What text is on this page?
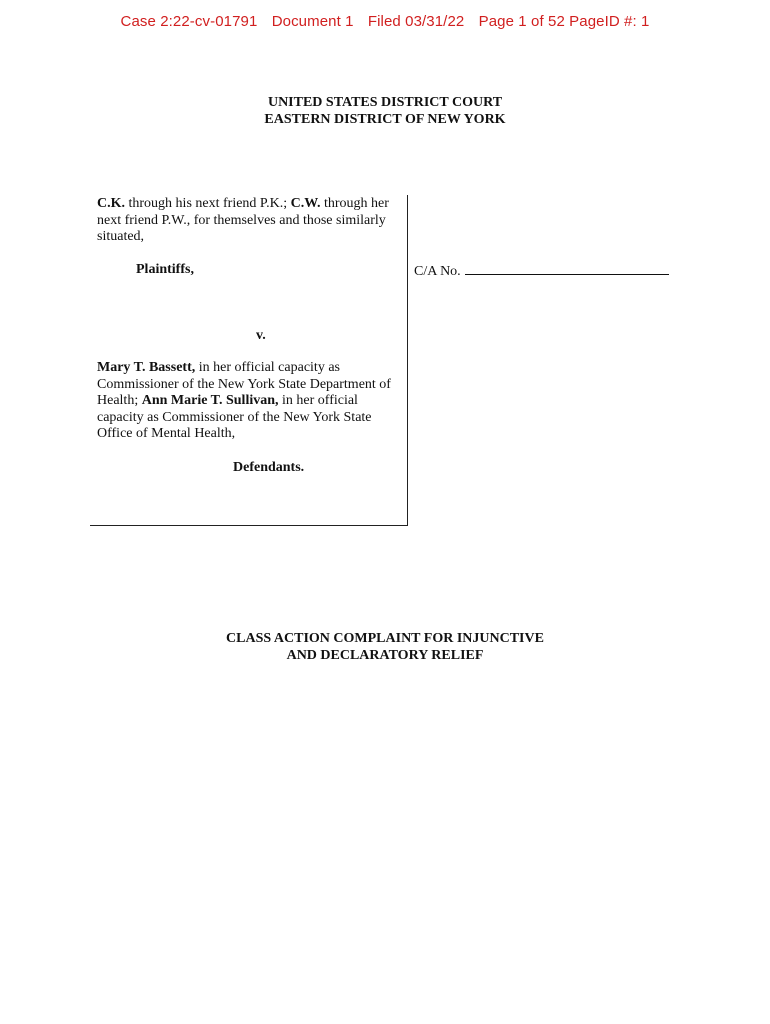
Case 2:22-cv-01791 Document 1 Filed 03/31/22 Page 1 of 52 PageID #: 1
UNITED STATES DISTRICT COURT
EASTERN DISTRICT OF NEW YORK
C.K. through his next friend P.K.; C.W. through her next friend P.W., for themselves and those similarly situated,
Plaintiffs,
v.
Mary T. Bassett, in her official capacity as Commissioner of the New York State Department of Health; Ann Marie T. Sullivan, in her official capacity as Commissioner of the New York State Office of Mental Health,
Defendants.
C/A No.
CLASS ACTION COMPLAINT FOR INJUNCTIVE
AND DECLARATORY RELIEF
